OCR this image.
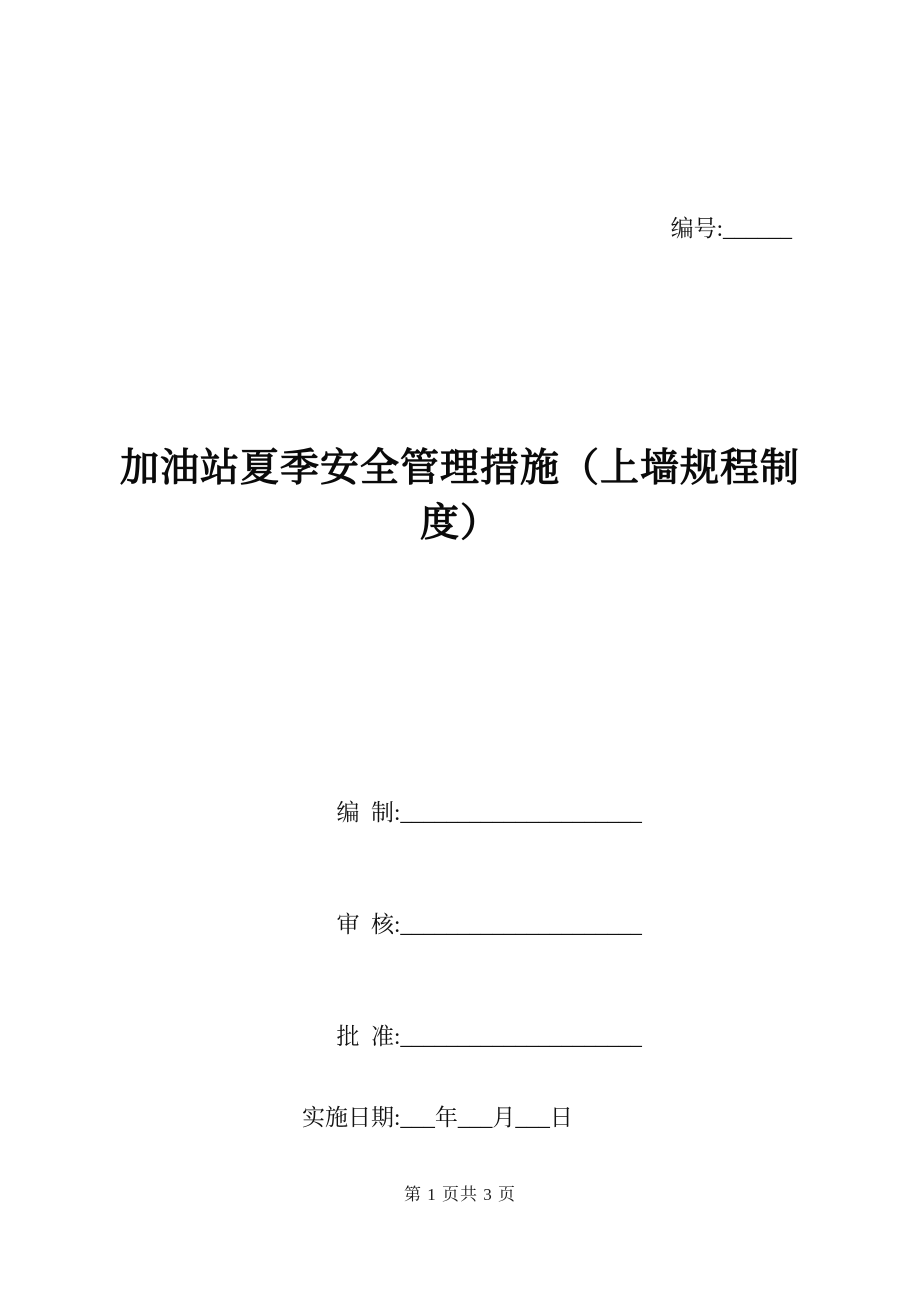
编号:______
加油站夏季安全管理措施（上墙规程制
度）

编  制:_____________________

审  核:_____________________

批  准:_____________________

实施日期:___年___月___日
第 1 页共 3 页
